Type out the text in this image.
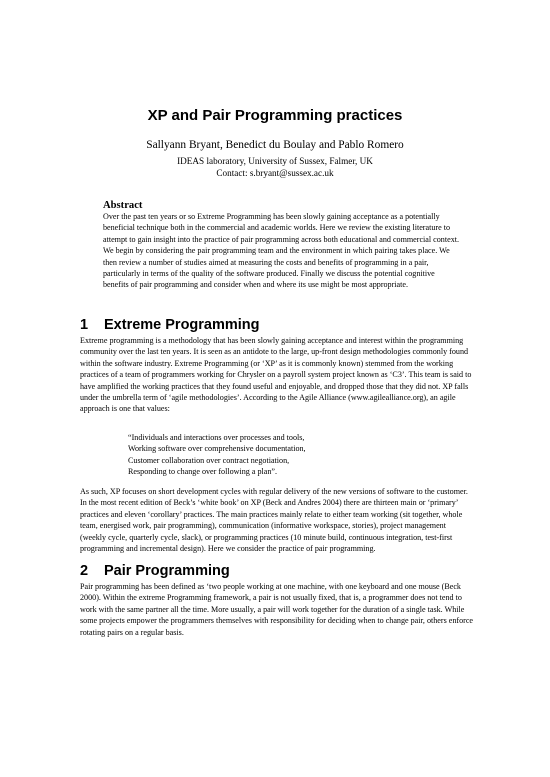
XP and Pair Programming practices
Sallyann Bryant, Benedict du Boulay and Pablo Romero
IDEAS laboratory, University of Sussex, Falmer, UK
Contact: s.bryant@sussex.ac.uk
Abstract
Over the past ten years or so Extreme Programming has been slowly gaining acceptance as a potentially beneficial technique both in the commercial and academic worlds. Here we review the existing literature to attempt to gain insight into the practice of pair programming across both educational and commercial context. We begin by considering the pair programming team and the environment in which pairing takes place. We then review a number of studies aimed at measuring the costs and benefits of programming in a pair, particularly in terms of the quality of the software produced. Finally we discuss the potential cognitive benefits of pair programming and consider when and where its use might be most appropriate.
1 Extreme Programming
Extreme programming is a methodology that has been slowly gaining acceptance and interest within the programming community over the last ten years. It is seen as an antidote to the large, up-front design methodologies commonly found within the software industry. Extreme Programming (or ‘XP’ as it is commonly known) stemmed from the working practices of a team of programmers working for Chrysler on a payroll system project known as ‘C3’. This team is said to have amplified the working practices that they found useful and enjoyable, and dropped those that they did not. XP falls under the umbrella term of ‘agile methodologies’. According to the Agile Alliance (www.agilealliance.org), an agile approach is one that values:
“Individuals and interactions over processes and tools,
Working software over comprehensive documentation,
Customer collaboration over contract negotiation,
Responding to change over following a plan”.
As such, XP focuses on short development cycles with regular delivery of the new versions of software to the customer. In the most recent edition of Beck’s ‘white book’ on XP (Beck and Andres 2004) there are thirteen main or ‘primary’ practices and eleven ‘corollary’ practices. The main practices mainly relate to either team working (sit together, whole team, energised work, pair programming), communication (informative workspace, stories), project management (weekly cycle, quarterly cycle, slack), or programming practices (10 minute build, continuous integration, test-first programming and incremental design). Here we consider the practice of pair programming.
2 Pair Programming
Pair programming has been defined as ‘two people working at one machine, with one keyboard and one mouse (Beck 2000). Within the extreme Programming framework, a pair is not usually fixed, that is, a programmer does not tend to work with the same partner all the time. More usually, a pair will work together for the duration of a single task. While some projects empower the programmers themselves with responsibility for deciding when to change pair, others enforce rotating pairs on a regular basis.
